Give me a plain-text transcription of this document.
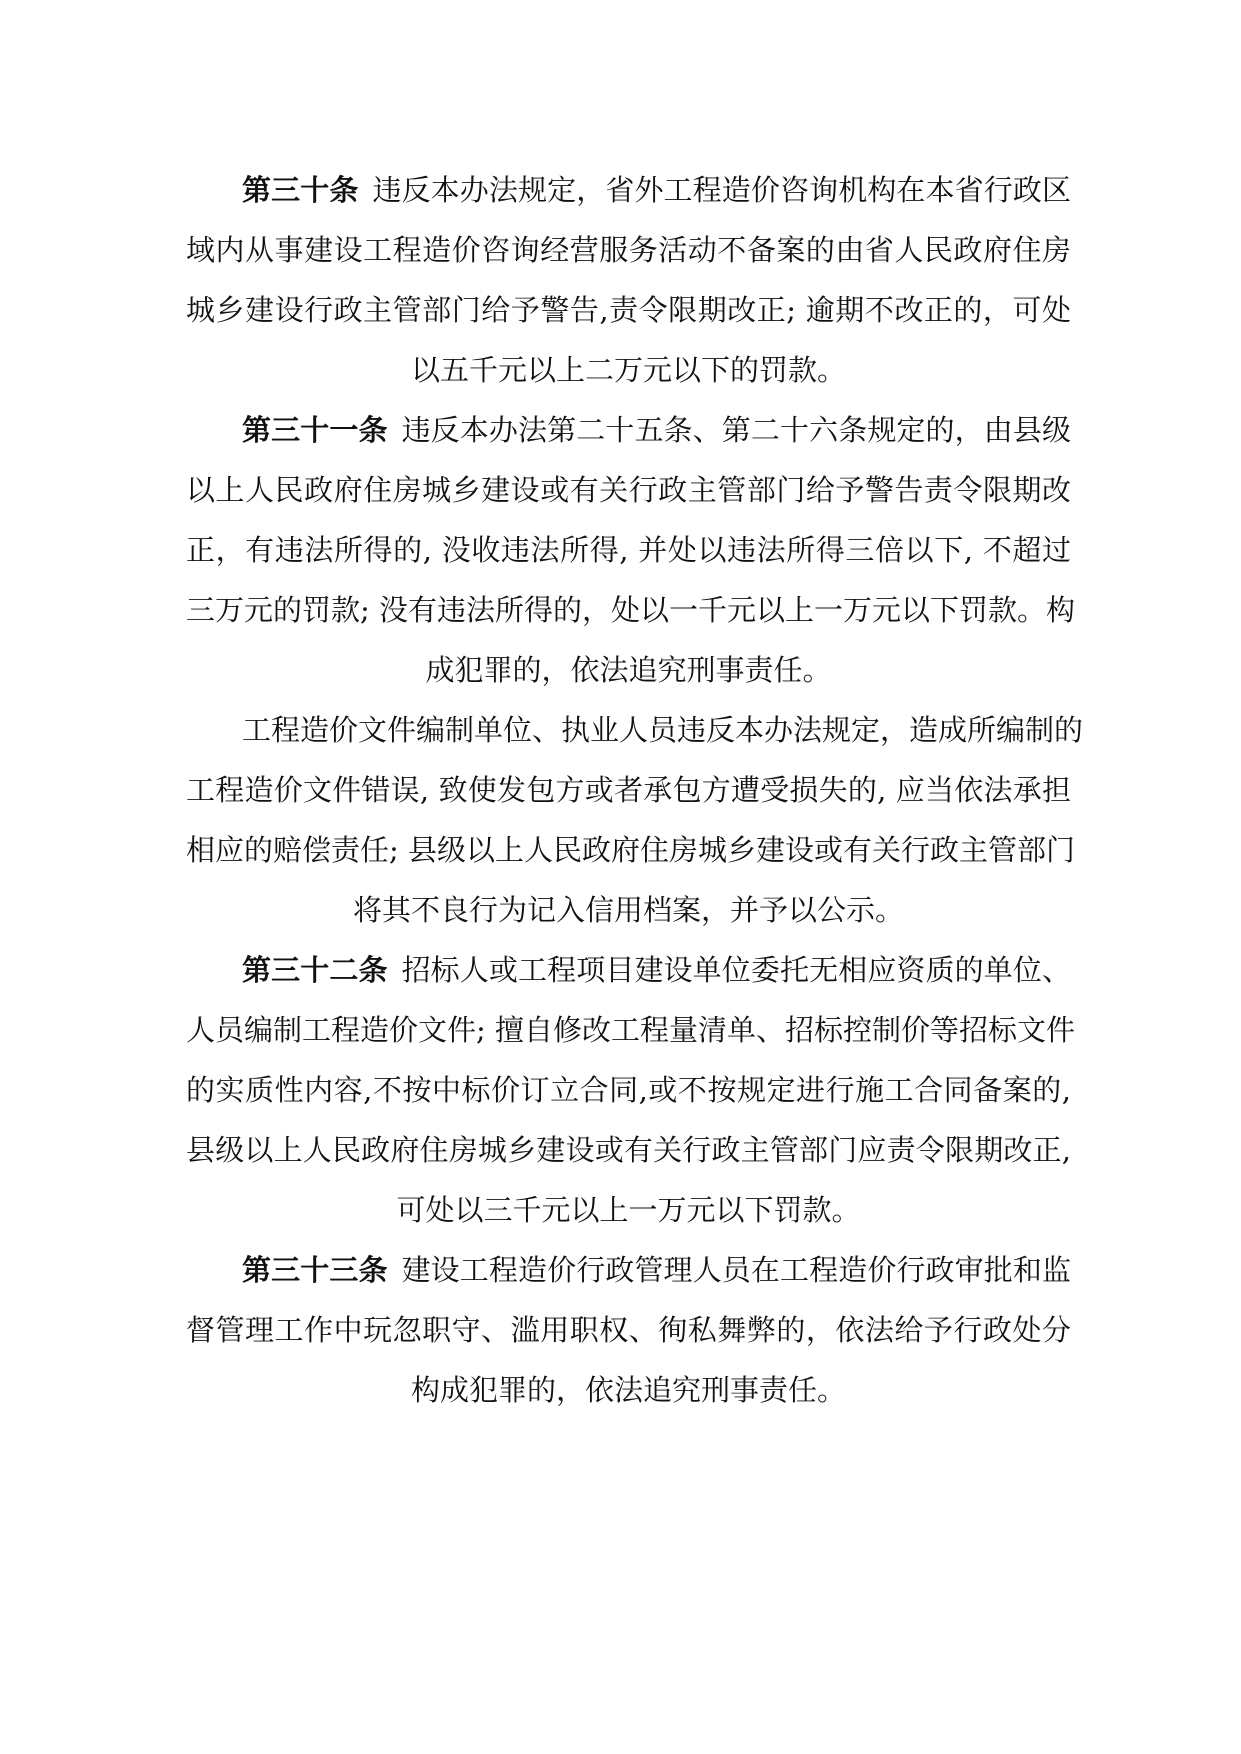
第三十条 违反本办法规定，省外工程造价咨询机构在本省行政区
域内从事建设工程造价咨询经营服务活动不备案的由省人民政府住房
城乡建设行政主管部门给予警告,责令限期改正; 逾期不改正的，可处
以五千元以上二万元以下的罚款。
第三十一条 违反本办法第二十五条、第二十六条规定的，由县级
以上人民政府住房城乡建设或有关行政主管部门给予警告责令限期改
正，有违法所得的, 没收违法所得, 并处以违法所得三倍以下, 不超过
三万元的罚款; 没有违法所得的，处以一千元以上一万元以下罚款。构
成犯罪的，依法追究刑事责任。
工程造价文件编制单位、执业人员违反本办法规定，造成所编制的
工程造价文件错误, 致使发包方或者承包方遭受损失的, 应当依法承担
相应的赔偿责任; 县级以上人民政府住房城乡建设或有关行政主管部门
将其不良行为记入信用档案，并予以公示。
第三十二条 招标人或工程项目建设单位委托无相应资质的单位、
人员编制工程造价文件; 擅自修改工程量清单、招标控制价等招标文件
的实质性内容,不按中标价订立合同,或不按规定进行施工合同备案的,
县级以上人民政府住房城乡建设或有关行政主管部门应责令限期改正,
可处以三千元以上一万元以下罚款。
第三十三条 建设工程造价行政管理人员在工程造价行政审批和监
督管理工作中玩忽职守、滥用职权、徇私舞弊的，依法给予行政处分
构成犯罪的，依法追究刑事责任。
